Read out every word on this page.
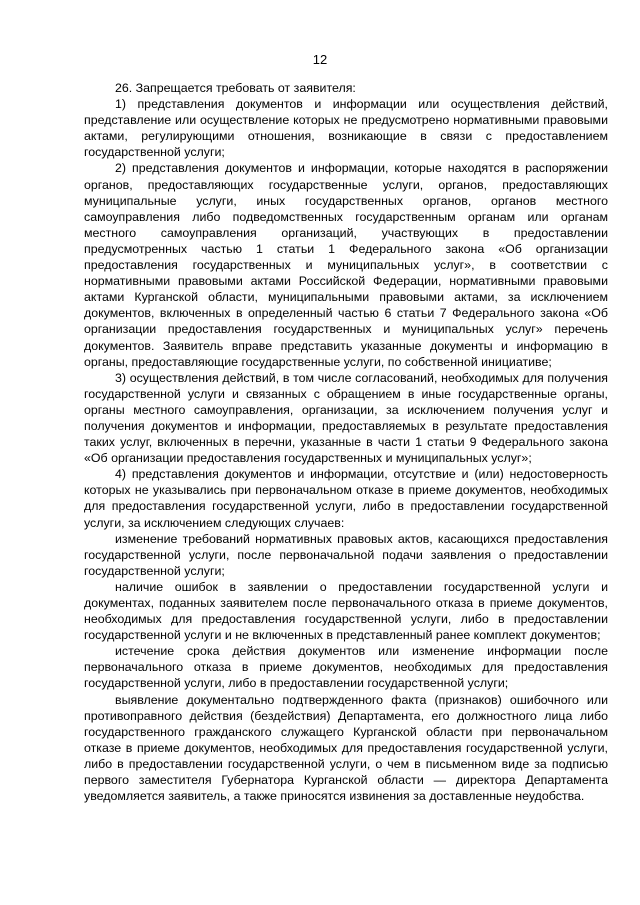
12

26. Запрещается требовать от заявителя:

1) представления документов и информации или осуществления действий, представление или осуществление которых не предусмотрено нормативными правовыми актами, регулирующими отношения, возникающие в связи с предоставлением государственной услуги;

2) представления документов и информации, которые находятся в распоряжении органов, предоставляющих государственные услуги, органов, предоставляющих муниципальные услуги, иных государственных органов, органов местного самоуправления либо подведомственных государственным органам или органам местного самоуправления организаций, участвующих в предоставлении предусмотренных частью 1 статьи 1 Федерального закона «Об организации предоставления государственных и муниципальных услуг», в соответствии с нормативными правовыми актами Российской Федерации, нормативными правовыми актами Курганской области, муниципальными правовыми актами, за исключением документов, включенных в определенный частью 6 статьи 7 Федерального закона «Об организации предоставления государственных и муниципальных услуг» перечень документов. Заявитель вправе представить указанные документы и информацию в органы, предоставляющие государственные услуги, по собственной инициативе;

3) осуществления действий, в том числе согласований, необходимых для получения государственной услуги и связанных с обращением в иные государственные органы, органы местного самоуправления, организации, за исключением получения услуг и получения документов и информации, предоставляемых в результате предоставления таких услуг, включенных в перечни, указанные в части 1 статьи 9 Федерального закона «Об организации предоставления государственных и муниципальных услуг»;

4) представления документов и информации, отсутствие и (или) недостоверность которых не указывались при первоначальном отказе в приеме документов, необходимых для предоставления государственной услуги, либо в предоставлении государственной услуги, за исключением следующих случаев:

изменение требований нормативных правовых актов, касающихся предоставления государственной услуги, после первоначальной подачи заявления о предоставлении государственной услуги;

наличие ошибок в заявлении о предоставлении государственной услуги и документах, поданных заявителем после первоначального отказа в приеме документов, необходимых для предоставления государственной услуги, либо в предоставлении государственной услуги и не включенных в представленный ранее комплект документов;

истечение срока действия документов или изменение информации после первоначального отказа в приеме документов, необходимых для предоставления государственной услуги, либо в предоставлении государственной услуги;

выявление документально подтвержденного факта (признаков) ошибочного или противоправного действия (бездействия) Департамента, его должностного лица либо государственного гражданского служащего Курганской области при первоначальном отказе в приеме документов, необходимых для предоставления государственной услуги, либо в предоставлении государственной услуги, о чем в письменном виде за подписью первого заместителя Губернатора Курганской области — директора Департамента уведомляется заявитель, а также приносятся извинения за доставленные неудобства.
